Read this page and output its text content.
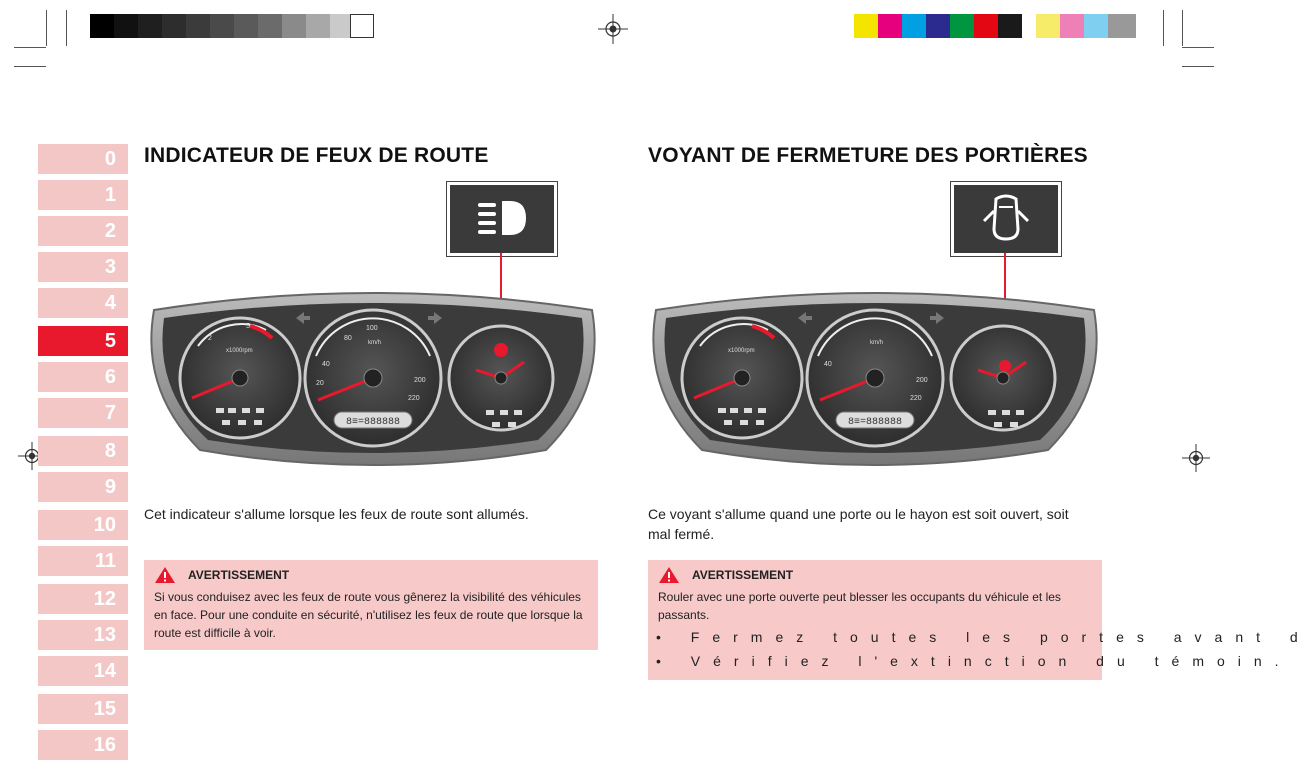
0
1
2
3
4
5
6
7
8
9
10
11
12
13
14
15
16
INDICATEUR DE FEUX DE ROUTE
8≡=888888
x1000rpm
km/h
20
40
80
100
200
220
2
5
Cet indicateur s'allume lorsque les feux de route sont allumés.
AVERTISSEMENT
Si vous conduisez avec les feux de route vous gênerez la visibilité des véhicules en face. Pour une conduite en sécurité, n'utilisez les feux de route que lorsque la route est difficile à voir.
VOYANT DE FERMETURE DES PORTIÈRES
8≡=888888
x1000rpm
km/h
40
200
220
Ce voyant s'allume quand une porte ou le hayon est soit ouvert, soit mal fermé.
AVERTISSEMENT
Rouler avec une porte ouverte peut blesser les occupants du véhicule et les passants.
• Fermez toutes les portes avant d
• Vérifiez l'extinction du témoin.
